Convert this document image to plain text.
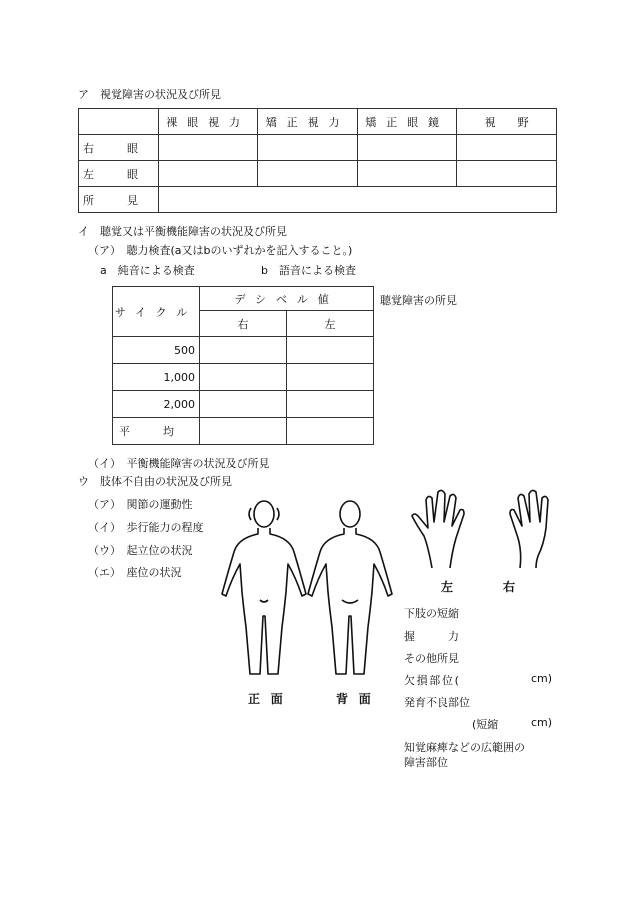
ア　視覚障害の状況及び所見
	裸眼視力	矯正視力	矯正眼鏡	視　　野
右　　　眼				
左　　　眼				
所　　　見				
イ　聴覚又は平衡機能障害の状況及び所見
（ア）　聴力検査(a又はbのいずれかを記入すること。)
a　純音による検査	b　語音による検査
サイクル	デシベル値	
	右	左
500		
1,000		
2,000		
平　　　均		
聴覚障害の所見
（イ）　平衡機能障害の状況及び所見
ウ　肢体不自由の状況及び所見
（ア）　関節の運動性
（イ）　歩行能力の程度
（ウ）　起立位の状況
（エ）　座位の状況
正面	背面
左	右
下肢の短縮
握　　　力
その他所見
欠損部位(	cm)
発育不良部位
(短縮	cm)
知覚麻痺などの広範囲の
障害部位
